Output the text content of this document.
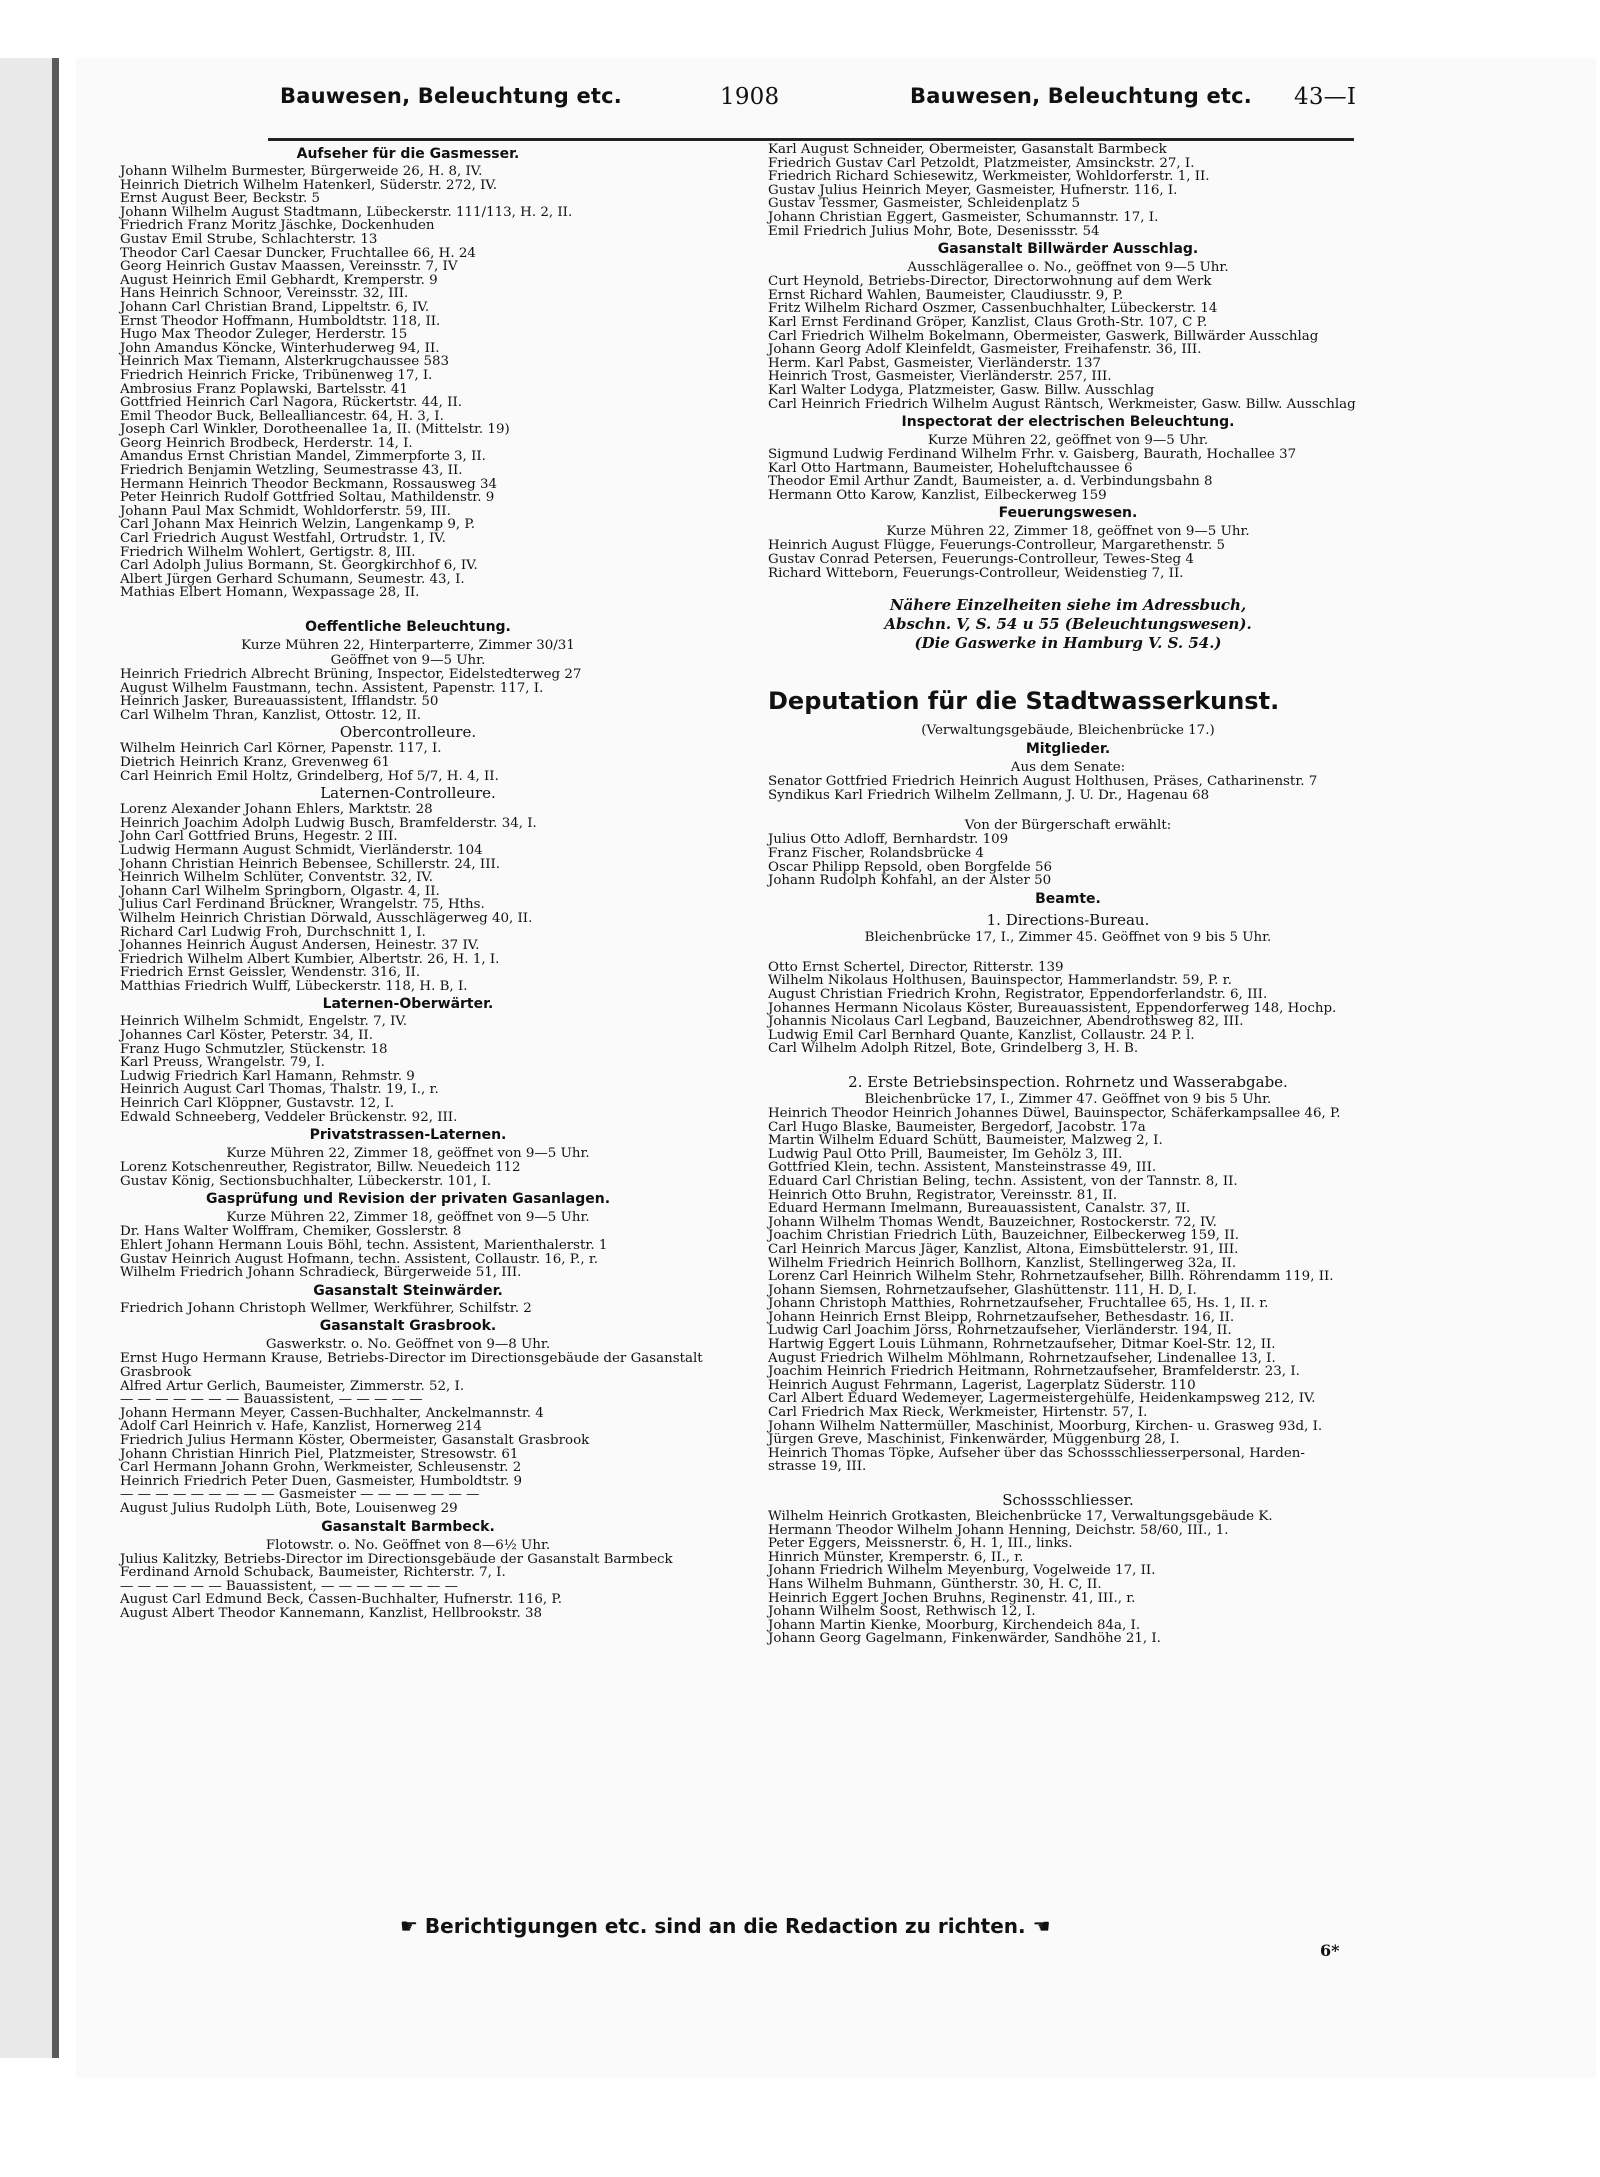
Bauwesen, Beleuchtung etc.	1908	Bauwesen, Beleuchtung etc. 43—I
Aufseher für die Gasmesser.
Johann Wilhelm Burmester, Bürgerweide 26, H. 8, IV.
Heinrich Dietrich Wilhelm Hatenkerl, Süderstr. 272, IV.
Ernst August Beer, Beckstr. 5
Johann Wilhelm August Stadtmann, Lübeckerstr. 111/113, H. 2, II.
Friedrich Franz Moritz Jäschke, Dockenhuden
Gustav Emil Strube, Schlachterstr. 13
Theodor Carl Caesar Duncker, Fruchtallee 66, H. 24
Georg Heinrich Gustav Maassen, Vereinsstr. 7, IV
August Heinrich Emil Gebhardt, Kremperstr. 9
Hans Heinrich Schnoor, Vereinsstr. 32, III.
Johann Carl Christian Brand, Lippeltstr. 6, IV.
Ernst Theodor Hoffmann, Humboldtstr. 118, II.
Hugo Max Theodor Zuleger, Herderstr. 15
John Amandus Köncke, Winterhuderweg 94, II.
Heinrich Max Tiemann, Alsterkrugchaussee 583
Friedrich Heinrich Fricke, Tribünenweg 17, I.
Ambrosius Franz Poplawski, Bartelsstr. 41
Gottfried Heinrich Carl Nagora, Rückertstr. 44, II.
Emil Theodor Buck, Bellealliancestr. 64, H. 3, I.
Joseph Carl Winkler, Dorotheenallee 1a, II. (Mittelstr. 19)
Georg Heinrich Brodbeck, Herderstr. 14, I.
Amandus Ernst Christian Mandel, Zimmerpforte 3, II.
Friedrich Benjamin Wetzling, Seumestrasse 43, II.
Hermann Heinrich Theodor Beckmann, Rossausweg 34
Peter Heinrich Rudolf Gottfried Soltau, Mathildenstr. 9
Johann Paul Max Schmidt, Wohldorferstr. 59, III.
Carl Johann Max Heinrich Welzin, Langenkamp 9, P.
Carl Friedrich August Westfahl, Ortrudstr. 1, IV.
Friedrich Wilhelm Wohlert, Gertigstr. 8, III.
Carl Adolph Julius Bormann, St. Georgkirchhof 6, IV.
Albert Jürgen Gerhard Schumann, Seumestr. 43, I.
Mathias Elbert Homann, Wexpassage 28, II.
Oeffentliche Beleuchtung.
Kurze Mühren 22, Hinterparterre, Zimmer 30/31
Geöffnet von 9—5 Uhr.
Heinrich Friedrich Albrecht Brüning, Inspector, Eidelstedterweg 27
August Wilhelm Faustmann, techn. Assistent, Papenstr. 117, I.
Heinrich Jasker, Bureauassistent, Ifflandstr. 50
Carl Wilhelm Thran, Kanzlist, Ottostr. 12, II.
Obercontrolleure.
Wilhelm Heinrich Carl Körner, Papenstr. 117, I.
Dietrich Heinrich Kranz, Grevenweg 61
Carl Heinrich Emil Holtz, Grindelberg, Hof 5/7, H. 4, II.
Laternen-Controlleure.
Lorenz Alexander Johann Ehlers, Marktstr. 28
Heinrich Joachim Adolph Ludwig Busch, Bramfelderstr. 34, I.
John Carl Gottfried Bruns, Hegestr. 2 III.
Ludwig Hermann August Schmidt, Vierländerstr. 104
Johann Christian Heinrich Bebensee, Schillerstr. 24, III.
Heinrich Wilhelm Schlüter, Conventstr. 32, IV.
Johann Carl Wilhelm Springborn, Olgastr. 4, II.
Julius Carl Ferdinand Brückner, Wrangelstr. 75, Hths.
Wilhelm Heinrich Christian Dörwald, Ausschlägerweg 40, II.
Richard Carl Ludwig Froh, Durchschnitt 1, I.
Johannes Heinrich August Andersen, Heinestr. 37 IV.
Friedrich Wilhelm Albert Kumbier, Albertstr. 26, H. 1, I.
Friedrich Ernst Geissler, Wendenstr. 316, II.
Matthias Friedrich Wulff, Lübeckerstr. 118, H. B, I.
Laternen-Oberwärter.
Heinrich Wilhelm Schmidt, Engelstr. 7, IV.
Johannes Carl Köster, Peterstr. 34, II.
Franz Hugo Schmutzler, Stückenstr. 18
Karl Preuss, Wrangelstr. 79, I.
Ludwig Friedrich Karl Hamann, Rehmstr. 9
Heinrich August Carl Thomas, Thalstr. 19, I., r.
Heinrich Carl Klöppner, Gustavstr. 12, I.
Edwald Schneeberg, Veddeler Brückenstr. 92, III.
Privatstrassen-Laternen.
Kurze Mühren 22, Zimmer 18, geöffnet von 9—5 Uhr.
Lorenz Kotschenreuther, Registrator, Billw. Neuedeich 112
Gustav König, Sectionsbuchhalter, Lübeckerstr. 101, I.
Gasprüfung und Revision der privaten Gasanlagen.
Kurze Mühren 22, Zimmer 18, geöffnet von 9—5 Uhr.
Dr. Hans Walter Wolffram, Chemiker, Gosslerstr. 8
Ehlert Johann Hermann Louis Böhl, techn. Assistent, Marienthalerstr. 1
Gustav Heinrich August Hofmann, techn. Assistent, Collaustr. 16, P., r.
Wilhelm Friedrich Johann Schradieck, Bürgerweide 51, III.
Gasanstalt Steinwärder.
Friedrich Johann Christoph Wellmer, Werkführer, Schilfstr. 2
Gasanstalt Grasbrook.
Gaswerkstr. o. No. Geöffnet von 9—8 Uhr.
Ernst Hugo Hermann Krause, Betriebs-Director im Directionsgebäude der Gasanstalt
Grasbrook
Alfred Artur Gerlich, Baumeister, Zimmerstr. 52, I.
— — — — — — — Bauassistent, — — — — —
Johann Hermann Meyer, Cassen-Buchhalter, Anckelmannstr. 4
Adolf Carl Heinrich v. Hafe, Kanzlist, Hornerweg 214
Friedrich Julius Hermann Köster, Obermeister, Gasanstalt Grasbrook
Johann Christian Hinrich Piel, Platzmeister, Stresowstr. 61
Carl Hermann Johann Grohn, Werkmeister, Schleusenstr. 2
Heinrich Friedrich Peter Duen, Gasmeister, Humboldtstr. 9
— — — — — — — — — Gasmeister — — — — — — —
August Julius Rudolph Lüth, Bote, Louisenweg 29
Gasanstalt Barmbeck.
Flotowstr. o. No. Geöffnet von 8—6½ Uhr.
Julius Kalitzky, Betriebs-Director im Directionsgebäude der Gasanstalt Barmbeck
Ferdinand Arnold Schuback, Baumeister, Richterstr. 7, I.
— — — — — — Bauassistent, — — — — — — — —
August Carl Edmund Beck, Cassen-Buchhalter, Hufnerstr. 116, P.
August Albert Theodor Kannemann, Kanzlist, Hellbrookstr. 38
Karl August Schneider, Obermeister, Gasanstalt Barmbeck
Friedrich Gustav Carl Petzoldt, Platzmeister, Amsinckstr. 27, I.
Friedrich Richard Schiesewitz, Werkmeister, Wohldorferstr. 1, II.
Gustav Julius Heinrich Meyer, Gasmeister, Hufnerstr. 116, I.
Gustav Tessmer, Gasmeister, Schleidenplatz 5
Johann Christian Eggert, Gasmeister, Schumannstr. 17, I.
Emil Friedrich Julius Mohr, Bote, Desenissstr. 54
Gasanstalt Billwärder Ausschlag.
Ausschlägerallee o. No., geöffnet von 9—5 Uhr.
Curt Heynold, Betriebs-Director, Directorwohnung auf dem Werk
Ernst Richard Wahlen, Baumeister, Claudiusstr. 9, P.
Fritz Wilhelm Richard Oszmer, Cassenbuchhalter, Lübeckerstr. 14
Karl Ernst Ferdinand Gröper, Kanzlist, Claus Groth-Str. 107, C P.
Carl Friedrich Wilhelm Bokelmann, Obermeister, Gaswerk, Billwärder Ausschlag
Johann Georg Adolf Kleinfeldt, Gasmeister, Freihafenstr. 36, III.
Herm. Karl Pabst, Gasmeister, Vierländerstr. 137
Heinrich Trost, Gasmeister, Vierländerstr. 257, III.
Karl Walter Lodyga, Platzmeister, Gasw. Billw. Ausschlag
Carl Heinrich Friedrich Wilhelm August Räntsch, Werkmeister, Gasw. Billw. Ausschlag
Inspectorat der electrischen Beleuchtung.
Kurze Mühren 22, geöffnet von 9—5 Uhr.
Sigmund Ludwig Ferdinand Wilhelm Frhr. v. Gaisberg, Baurath, Hochallee 37
Karl Otto Hartmann, Baumeister, Hoheluftchaussee 6
Theodor Emil Arthur Zandt, Baumeister, a. d. Verbindungsbahn 8
Hermann Otto Karow, Kanzlist, Eilbeckerweg 159
Feuerungswesen.
Kurze Mühren 22, Zimmer 18, geöffnet von 9—5 Uhr.
Heinrich August Flügge, Feuerungs-Controlleur, Margarethenstr. 5
Gustav Conrad Petersen, Feuerungs-Controlleur, Tewes-Steg 4
Richard Witteborn, Feuerungs-Controlleur, Weidenstieg 7, II.
Nähere Einzelheiten siehe im Adressbuch,
Abschn. V, S. 54 u 55 (Beleuchtungswesen).
(Die Gaswerke in Hamburg V. S. 54.)
Deputation für die Stadtwasserkunst.
(Verwaltungsgebäude, Bleichenbrücke 17.)
Mitglieder.
Aus dem Senate:
Senator Gottfried Friedrich Heinrich August Holthusen, Präses, Catharinenstr. 7
Syndikus Karl Friedrich Wilhelm Zellmann, J. U. Dr., Hagenau 68
Von der Bürgerschaft erwählt:
Julius Otto Adloff, Bernhardstr. 109
Franz Fischer, Rolandsbrücke 4
Oscar Philipp Repsold, oben Borgfelde 56
Johann Rudolph Kohfahl, an der Alster 50
Beamte.
1. Directions-Bureau.
Bleichenbrücke 17, I., Zimmer 45. Geöffnet von 9 bis 5 Uhr.
Otto Ernst Schertel, Director, Ritterstr. 139
Wilhelm Nikolaus Holthusen, Bauinspector, Hammerlandstr. 59, P. r.
August Christian Friedrich Krohn, Registrator, Eppendorferlandstr. 6, III.
Johannes Hermann Nicolaus Köster, Bureauassistent, Eppendorferweg 148, Hochp.
Johannis Nicolaus Carl Legband, Bauzeichner, Abendrothsweg 82, III.
Ludwig Emil Carl Bernhard Quante, Kanzlist, Collaustr. 24 P. l.
Carl Wilhelm Adolph Ritzel, Bote, Grindelberg 3, H. B.
2. Erste Betriebsinspection. Rohrnetz und Wasserabgabe.
Bleichenbrücke 17, I., Zimmer 47. Geöffnet von 9 bis 5 Uhr.
Heinrich Theodor Heinrich Johannes Düwel, Bauinspector, Schäferkampsallee 46, P.
Carl Hugo Blaske, Baumeister, Bergedorf, Jacobstr. 17a
Martin Wilhelm Eduard Schütt, Baumeister, Malzweg 2, I.
Ludwig Paul Otto Prill, Baumeister, Im Gehölz 3, III.
Gottfried Klein, techn. Assistent, Mansteinstrasse 49, III.
Eduard Carl Christian Beling, techn. Assistent, von der Tannstr. 8, II.
Heinrich Otto Bruhn, Registrator, Vereinsstr. 81, II.
Eduard Hermann Imelmann, Bureauassistent, Canalstr. 37, II.
Johann Wilhelm Thomas Wendt, Bauzeichner, Rostockerstr. 72, IV.
Joachim Christian Friedrich Lüth, Bauzeichner, Eilbeckerweg 159, II.
Carl Heinrich Marcus Jäger, Kanzlist, Altona, Eimsbüttelerstr. 91, III.
Wilhelm Friedrich Heinrich Bollhorn, Kanzlist, Stellingerweg 32a, II.
Lorenz Carl Heinrich Wilhelm Stehr, Rohrnetzaufseher, Billh. Röhrendamm 119, II.
Johann Siemsen, Rohrnetzaufseher, Glashüttenstr. 111, H. D, I.
Johann Christoph Matthies, Rohrnetzaufseher, Fruchtallee 65, Hs. 1, II. r.
Johann Heinrich Ernst Bleipp, Rohrnetzaufseher, Bethesdastr. 16, II.
Ludwig Carl Joachim Jörss, Rohrnetzaufseher, Vierländerstr. 194, II.
Hartwig Eggert Louis Lühmann, Rohrnetzaufseher, Ditmar Koel-Str. 12, II.
August Friedrich Wilhelm Möhlmann, Rohrnetzaufseher, Lindenallee 13, I.
Joachim Heinrich Friedrich Heitmann, Rohrnetzaufseher, Bramfelderstr. 23, I.
Heinrich August Fehrmann, Lagerist, Lagerplatz Süderstr. 110
Carl Albert Eduard Wedemeyer, Lagermeistergehülfe, Heidenkampsweg 212, IV.
Carl Friedrich Max Rieck, Werkmeister, Hirtenstr. 57, I.
Johann Wilhelm Nattermüller, Maschinist, Moorburg, Kirchen- u. Grasweg 93d, I.
Jürgen Greve, Maschinist, Finkenwärder, Müggenburg 28, I.
Heinrich Thomas Töpke, Aufseher über das Schossschliesserpersonal, Harden-
strasse 19, III.
Schossschliesser.
Wilhelm Heinrich Grotkasten, Bleichenbrücke 17, Verwaltungsgebäude K.
Hermann Theodor Wilhelm Johann Henning, Deichstr. 58/60, III., 1.
Peter Eggers, Meissnerstr. 6, H. 1, III., links.
Hinrich Münster, Kremperstr. 6, II., r.
Johann Friedrich Wilhelm Meyenburg, Vogelweide 17, II.
Hans Wilhelm Buhmann, Güntherstr. 30, H. C, II.
Heinrich Eggert Jochen Bruhns, Reginenstr. 41, III., r.
Johann Wilhelm Soost, Rethwisch 12, I.
Johann Martin Kienke, Moorburg, Kirchendeich 84a, I.
Johann Georg Gagelmann, Finkenwärder, Sandhöhe 21, I.
☛ Berichtigungen etc. sind an die Redaction zu richten. ☚
6*
